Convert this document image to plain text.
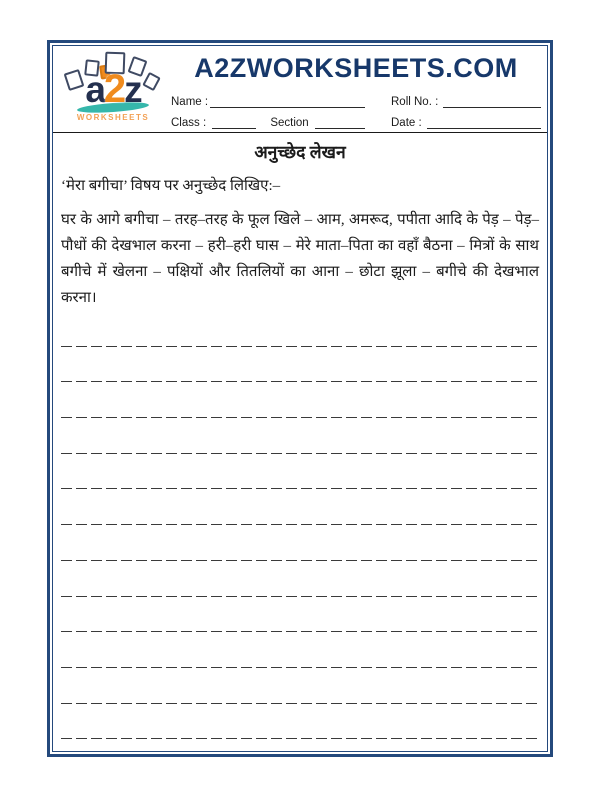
a2z
WORKSHEETS
A2ZWORKSHEETS.COM
Name :	Roll No. :
Class :	Section	Date :
अनुच्छेद लेखन
‘मेरा बगीचा’ विषय पर अनुच्छेद लिखिए:–
घर के आगे बगीचा – तरह–तरह के फूल खिले – आम, अमरूद, पपीता आदि के पेड़ – पेड़–पौधों की देखभाल करना – हरी–हरी घास – मेरे माता–पिता का वहाँ बैठना – मित्रों के साथ बगीचे में खेलना – पक्षियों और तितलियों का आना – छोटा झूला – बगीचे की देखभाल करना।
